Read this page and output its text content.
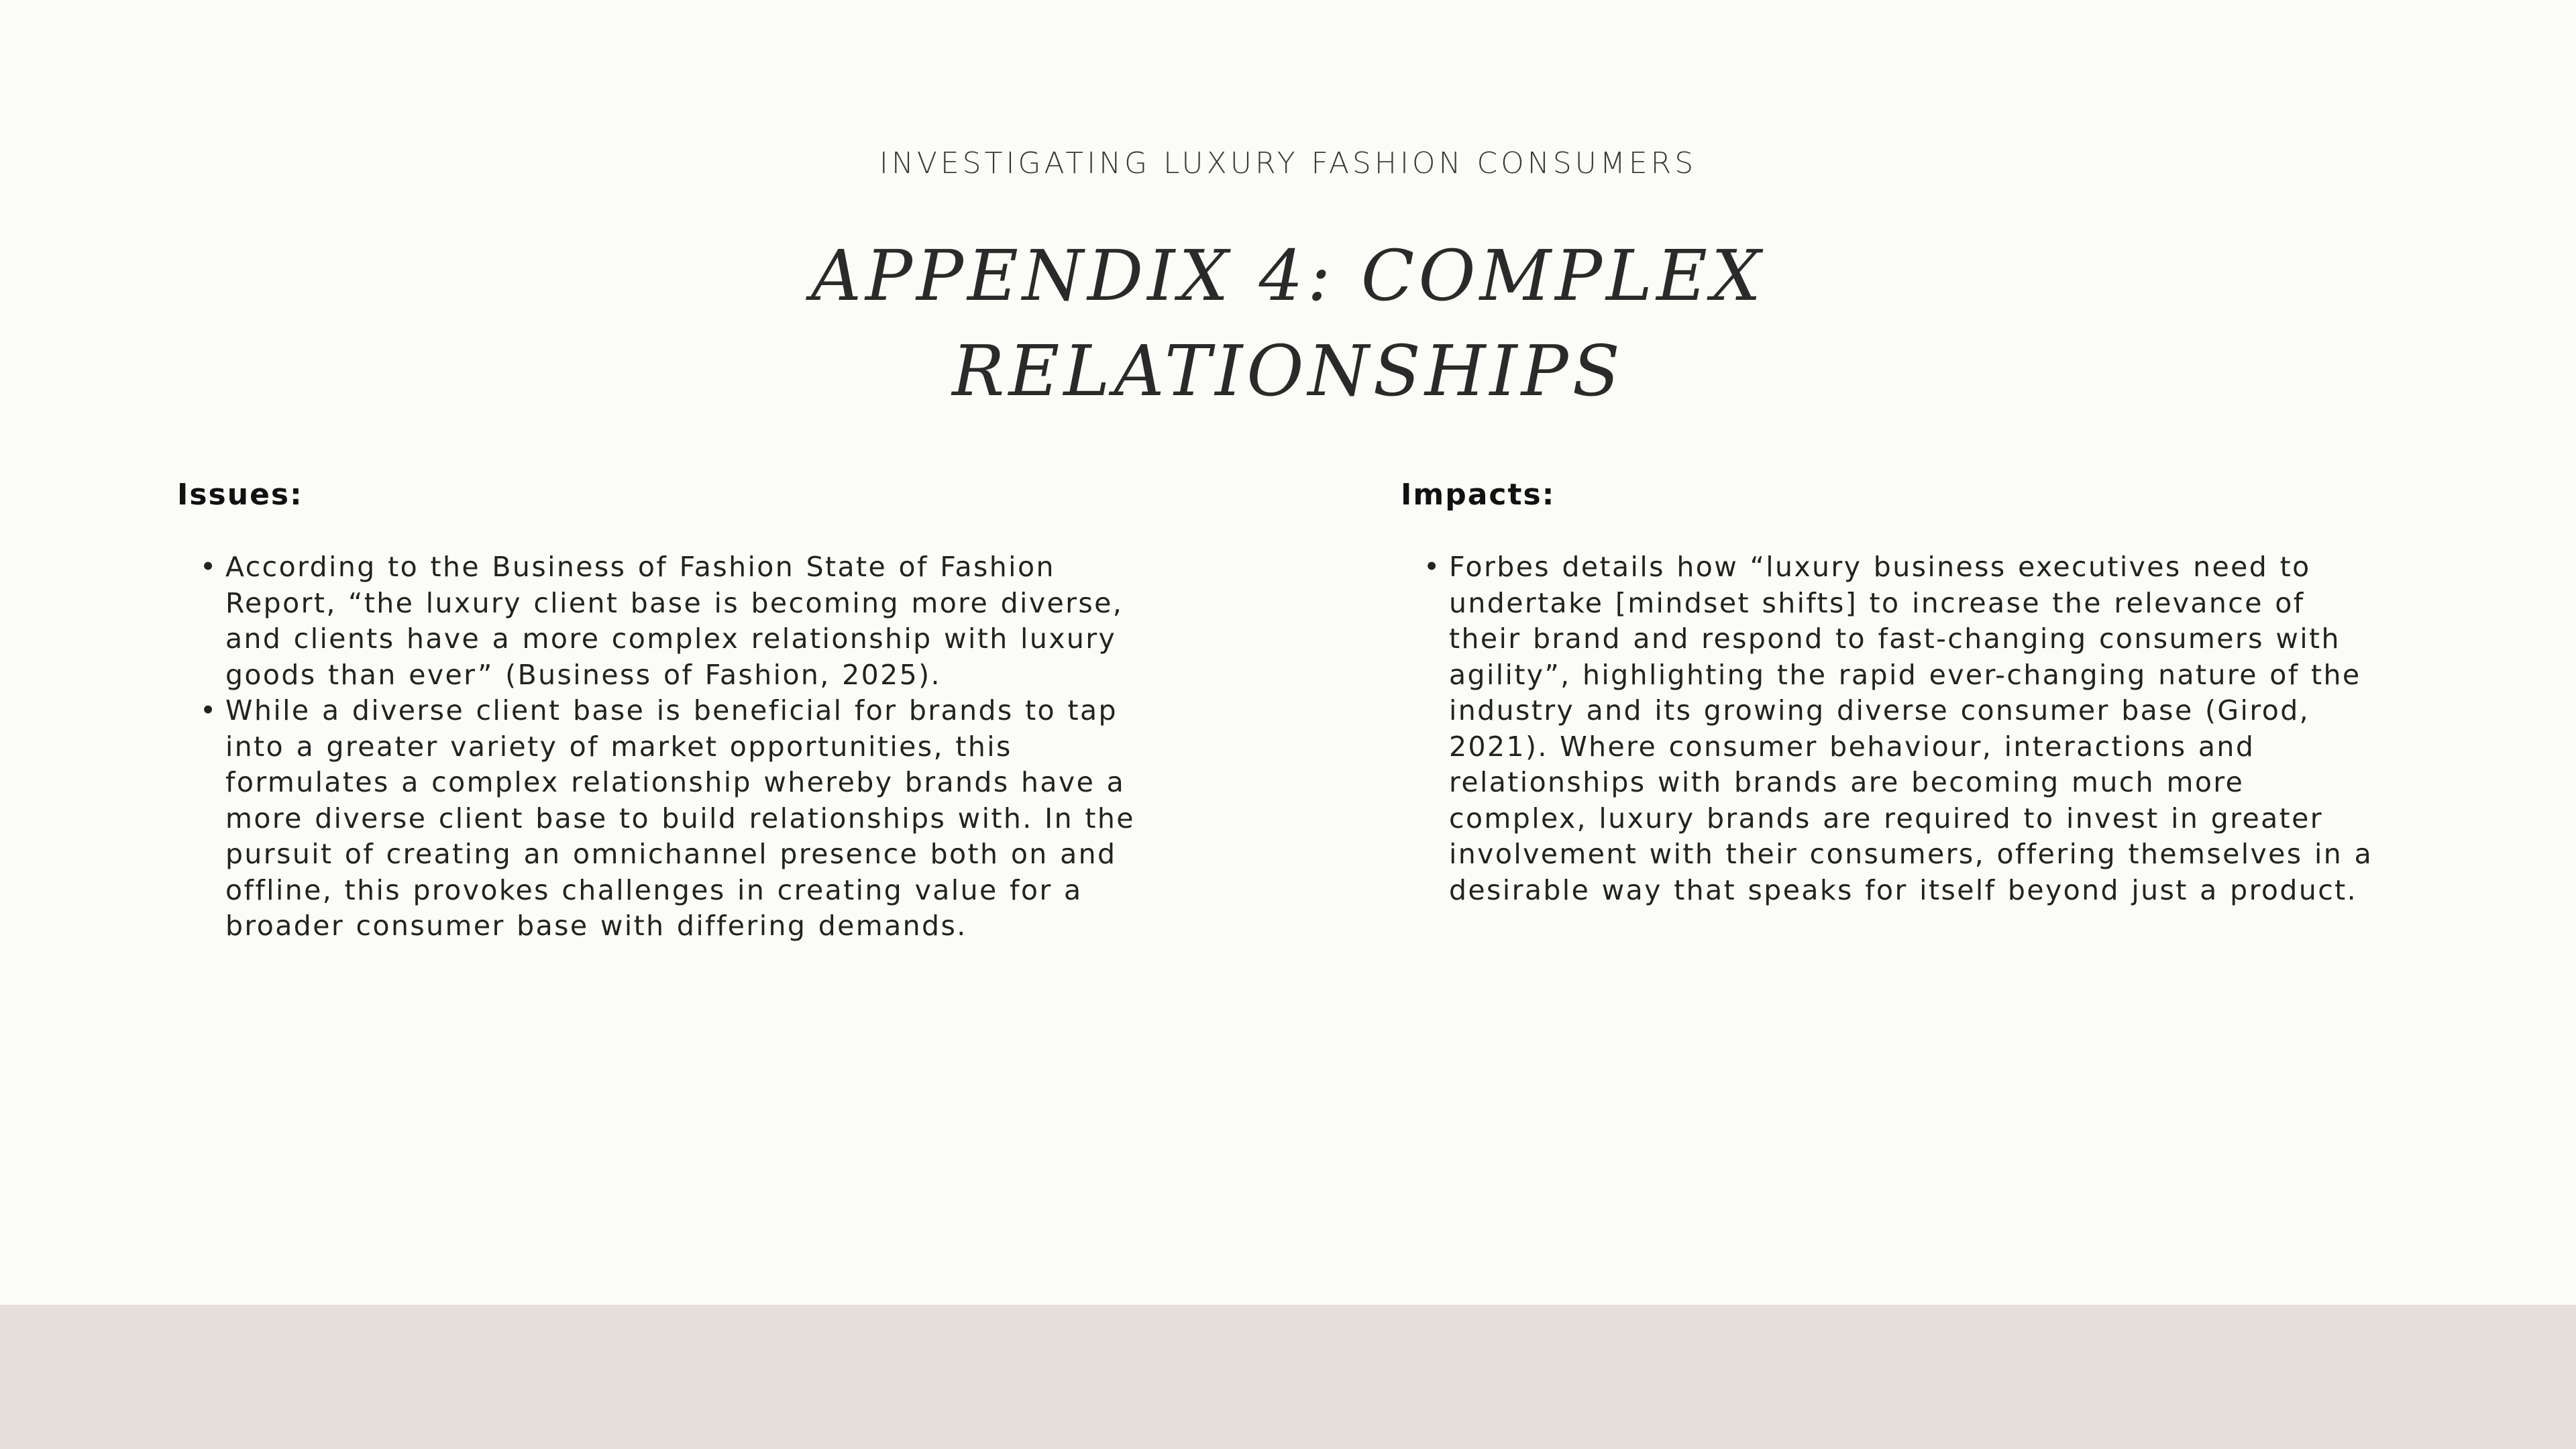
INVESTIGATING LUXURY FASHION CONSUMERS
APPENDIX 4: COMPLEX
RELATIONSHIPS
Issues:
• According to the Business of Fashion State of Fashion Report, “the luxury client base is becoming more diverse, and clients have a more complex relationship with luxury goods than ever” (Business of Fashion, 2025).
• While a diverse client base is beneficial for brands to tap into a greater variety of market opportunities, this formulates a complex relationship whereby brands have a more diverse client base to build relationships with. In the pursuit of creating an omnichannel presence both on and offline, this provokes challenges in creating value for a broader consumer base with differing demands.
Impacts:
• Forbes details how “luxury business executives need to undertake [mindset shifts] to increase the relevance of their brand and respond to fast-changing consumers with agility”, highlighting the rapid ever-changing nature of the industry and its growing diverse consumer base (Girod, 2021). Where consumer behaviour, interactions and relationships with brands are becoming much more complex, luxury brands are required to invest in greater involvement with their consumers, offering themselves in a desirable way that speaks for itself beyond just a product.
